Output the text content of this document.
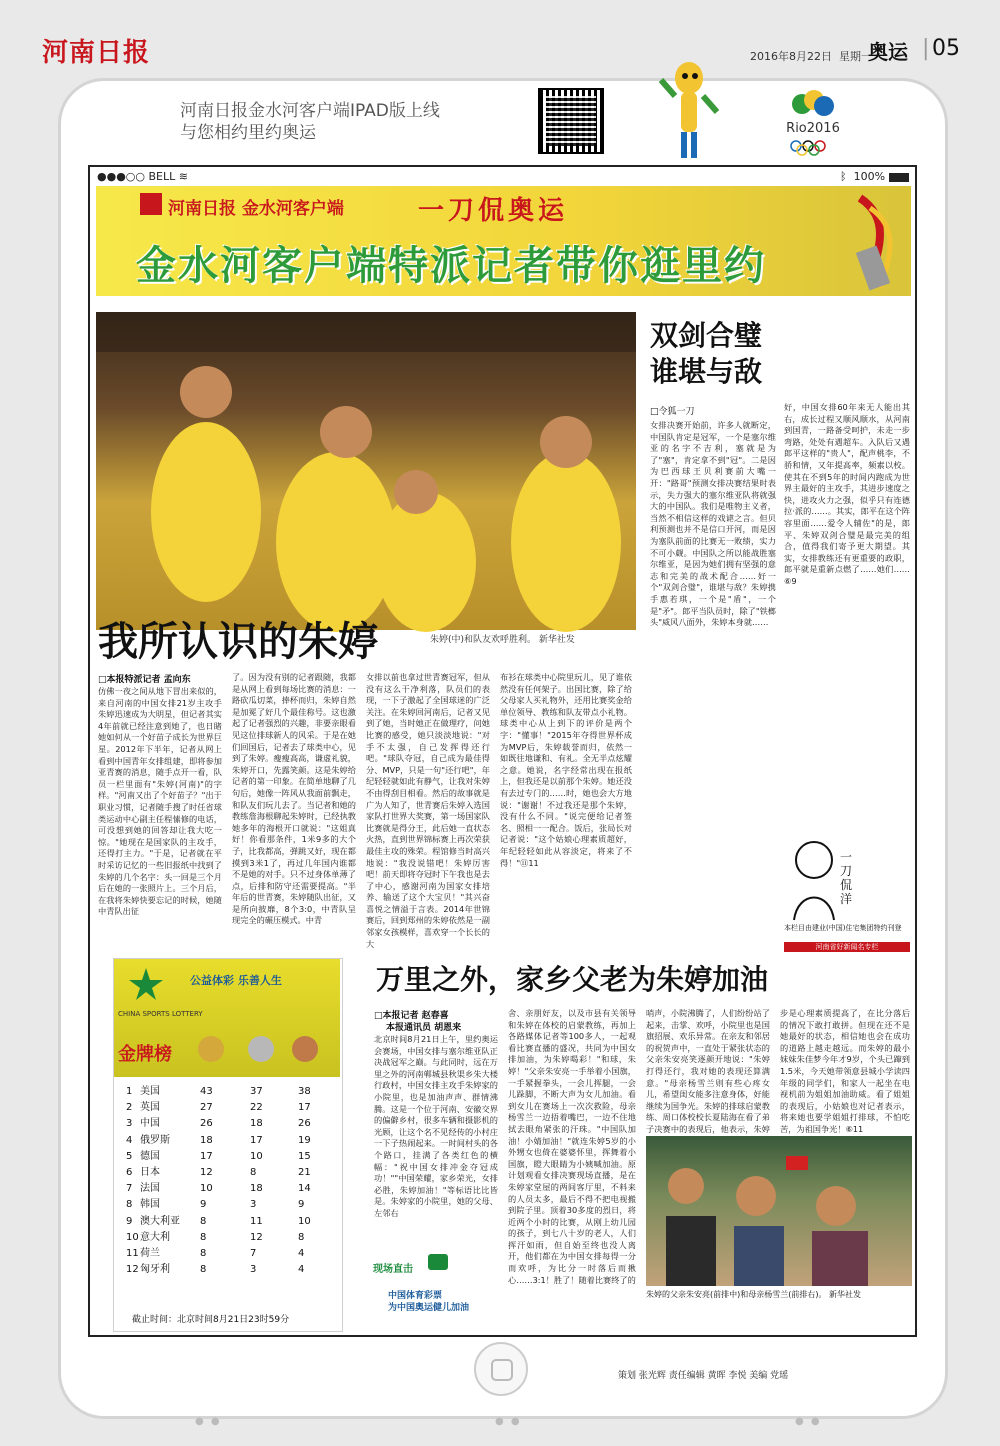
河南日报	2016年8月22日 星期一
奥运 | 05
河南日报金水河客户端IPAD版上线
与您相约里约奥运	Rio2016
●●●○○ BELL ≋	ᛒ 100%
河南日报 金水河客户端	一刀侃奥运
金水河客户端特派记者带你逛里约
朱婷(中)和队友欢呼胜利。 新华社发
我所认识的朱婷
□本报特派记者 孟向东
仿佛一夜之间从地下冒出来似的，来自河南的中国女排21岁主攻手朱婷迅速成为大明星，但记者其实4年前就已经注意到她了，也日睹她如何从一个好苗子成长为世界巨星。2012年下半年，记者从网上看到中国青年女排组建，即将参加亚青赛的消息，随手点开一看，队员一栏里面有"朱婷(河南)"的字样。"河南又出了个好苗子？"出于职业习惯，记者随手搜了时任省球类运动中心副主任程愫修的电话，可没想到她的回答却让我大吃一惊。"她现在是国家队的主攻手，还得打主力。"于是，记者就在平时采访记忆的一些旧报纸中找到了朱婷的几个名字：头一回是三个月后在她的一张照片上。三个月后，在我将朱婷快要忘记的时候，她随中青队出征
了。因为没有别的记者跟随，我都是从网上看到每场比赛的消息：一路砍瓜切菜，捧杯而归，朱婷自然是加冕了好几个最佳称号。这也激起了记者强烈的兴趣，非要亲眼看见这位排球新人的风采。于是在她们回国后，记者去了球类中心，见到了朱婷。瘦瘦高高，谦虚礼貌，朱婷开口，先露笑颜。这是朱婷给记者的第一印象。在简单地聊了几句后，她像一阵风从我面前飘走，和队友们玩儿去了。当记者和她的教练詹海根聊起朱婷时，已经执教她多年的海根开口就说："这姐真好！你看那条件，1米9多的大个子，比我都高，弹跳又好，现在都摸到3米1了，再过几年国内谁都不是她的对手。只不过身体单薄了点，后排和防守还需要提高。"半年后的世青赛，朱婷随队出征，又是所向披靡，8个3:0，中青队呈现完全的碾压模式。中青
女排以前也拿过世青赛冠军，但从没有这么干净利落，队员们的表现，一下子激起了全国球迷的广泛关注。在朱婷回河南后，记者又见到了她，当时她正在做理疗，问她比赛的感受，她只淡淡地说："对手不太强，自己发挥得还行吧。"球队夺冠，自己成为最佳得分、MVP，只是一句"还行吧"，年纪轻轻就如此有静气，让我对朱婷不由得刮目相看。然后的故事就是广为人知了，世青赛后朱婷入选国家队打世界大奖赛，第一场国家队比赛就是得分王，此后她一直状态火热，直到世界锦标赛上再次荣获最佳主攻的殊荣。程馆修当时高兴地说："我没说错吧！朱婷厉害吧！前天即将夺冠时下午我也是去了中心，感谢河南为国家女排培养、输送了这个大宝贝！"其兴奋喜悦之情溢于言表。2014年世锦赛后，回到郑州的朱婷依然是一副邻家女孩模样，喜欢穿一个长长的大
布衫在球类中心院里玩儿，见了谁依然没有任何架子。出国比赛，除了给父母家人买礼物外，还用比赛奖金给单位领导、教练和队友带点小礼物。球类中心从上到下的评价是两个字："懂事！"2015年夺得世界杯成为MVP后，朱婷载誉而归，依然一如既往地谦和、有礼。全无半点炫耀之意。她说，名字经常出现在报纸上，但我还是以前那个朱婷。她还没有去过专门的……时，她也会大方地说："谢谢！不过我还是那个朱婷，没有什么不同。"说完便给记者签名、照相一一配合。饭后，张局长对记者说："这个姑娘心理素质超好，年纪轻轻如此从容淡定，将来了不得！"⑪11
双剑合璧
谁堪与敌
□令狐一刀
女排决赛开始前，许多人就断定，中国队肯定是冠军，一个是塞尔维亚的名字不吉利，塞就是为了"塞"，肯定拿不到"冠"。二是因为巴西球王贝利赛前大嘴一开："路哥"预测女排决赛结果时表示，失力强大的塞尔维亚队将就强大的中国队。我们是唯物主义者，当然不相信这样的戏谑之言。但贝利预测也并不是信口开河，而是因为塞队前面的比赛无一败绩，实力不可小觑。中国队之所以能战胜塞尔维亚，是因为她们拥有坚强的意志和完美的战术配合……好一个"双剑合璧"，谁堪与敌？朱婷携手惠若琪，一个是"盾"，一个是"矛"。郎平当队员时，除了"铁榔头"威风八面外，朱婷本身就……
好，中国女排60年来无人能出其右，成长过程又顺风顺水，从河南到国青，一路备受呵护，未走一步弯路，处处有遇超车。入队后又遇郎平这样的"贵人"，配声桃李，不骄和情，又年提高率，频素以校。使其在不到5年的时间内跑成为世界主最好的主攻手，其进步速度之快，进攻火力之强，似乎只有连德拉·派的……。其实，郎平在这个阵容里面……爱令人辅佐"的是，郎平、朱婷双剑合璧是最完美的组合，值得我们寄予更大期望。其实，女排教练还有更重要的政职，郎平就是重新点燃了……她们……⑥9
一刀 侃洋
本栏目由建业(中国)住宅集团特约刊登
河南省好新闻名专栏
公益体彩 乐善人生
CHINA SPORTS LOTTERY
金牌榜
1 美国	43	37	38
2 英国	27	22	17
3 中国	26	18	26
4 俄罗斯	18	17	19
5 德国	17	10	15
6 日本	12	8	21
7 法国	10	18	14
8 韩国	9	3	9
9 澳大利亚 8	11	10
10 意大利	8	12	8
11 荷兰	8	7	4
12 匈牙利	8	3	4
截止时间：北京时间8月21日23时59分
万里之外，家乡父老为朱婷加油
□本报记者 赵春喜
本报通讯员 胡恩来
北京时间8月21日上午，里约奥运会赛场，中国女排与塞尔维亚队正决战冠军之巅。与此同时，远在万里之外的河南郸城县秋渠乡朱大楼行政村，中国女排主攻手朱婷家的小院里，也是加油声声、群情沸腾。这是一个位于河南、安徽交界的偏僻乡村，很多车辆和摄影机的光顾，让这个名不见经传的小村庄一下子热闹起来。一时间村头的各个路口，挂满了各类红色的横幅："祝中国女排冲金夺冠成功！""中国荣耀，家乡荣光，女排必胜，朱婷加油！"等标语比比皆是。朱婷家的小院里，她的父母、左邻右
舍、亲朋好友，以及市县有关领导和朱婷在体校的启蒙教练，再加上各路媒体记者等100多人，一起观看比赛直播的盛况，共同为中国女排加油，为朱婷喝彩！"和球，朱婷！"父亲朱安亮一手举着小国旗，一手紧握拳头，一会儿挥腿，一会儿跺脚，不断大声为女儿加油。看到女儿在赛场上一次次救险，母亲杨雪兰一边捂着嘴巴，一边不住地拭去眼角紧张的汗珠。"中国队加油！小婧加油！"就连朱婷5岁的小外甥女也倚在婆婆怀里，挥舞着小国旗，瞪大眼睛为小姨喊加油。原计划观看女排决赛现场直播，是在朱婷家堂屋的两间客厅里，不料来的人员太多，最后不得不把电视搬到院子里。顶着30多度的烈日，将近两个小时的比赛，从刚上幼儿园的孩子，到七八十岁的老人，人们挥汗如雨，但自始至终也没人离开，他们都在为中国女排每得一分而欢呼，为比分一时落后而揪心……3:1！胜了！随着比赛终了的
哨声，小院沸腾了，人们纷纷站了起来，击掌、欢呼，小院里也是国旗招展、欢乐异常。在亲友和邻居的祝贺声中，一直处于紧张状态的父亲朱安亮笑逐颜开地说："朱婷打得还行，我对她的表现还算满意。"母亲杨雪兰则有些心疼女儿，希望闺女能多注意身体，好能继续为国争光。朱婷的排球启蒙教练、周口体校校长夏陆海在看了弟子决赛中的表现后，他表示，朱婷
步是心理素质提高了，在比分落后的情况下敢打敢拼。但现在还不是她最好的状态，相信她也会在成功的道路上越走越远。而朱婷的最小妹妹朱佳梦今年才9岁，个头已蹿到1.5米，今天她带领意县城小学读四年级的同学们，和家人一起坐在电视机前为姐姐加油助威。看了姐姐的表现后，小姑娘也对记者表示，将来她也要学姐姐打排球，不怕吃苦，为祖国争光！⑥11
现场直击
中国体育彩票
为中国奥运健儿加油
朱婷的父亲朱安亮(前排中)和母亲杨雪兰(前排右)。 新华社发
策划 张光辉 责任编辑 黄晖 李悦 美编 党瑶
● ●	● ●	● ●
